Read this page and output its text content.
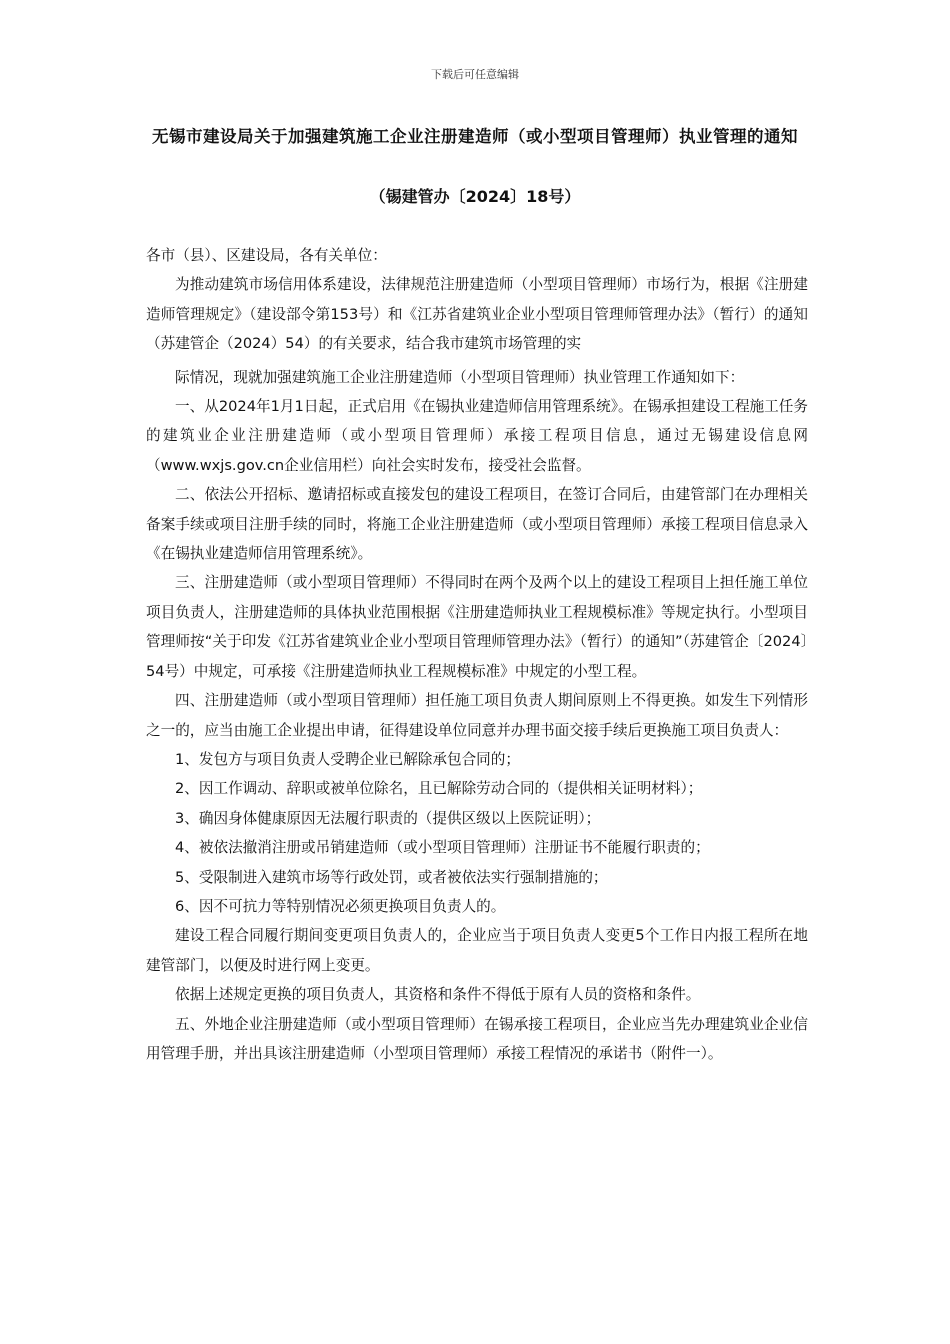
下载后可任意编辑
无锡市建设局关于加强建筑施工企业注册建造师（或小型项目管理师）执业管理的通知
（锡建管办〔2024〕18号）

各市（县）、区建设局，各有关单位：

为推动建筑市场信用体系建设，法律规范注册建造师（小型项目管理师）市场行为，根据《注册建造师管理规定》（建设部令第153号）和《江苏省建筑业企业小型项目管理师管理办法》（暂行）的通知（苏建管企（2024）54）的有关要求，结合我市建筑市场管理的实

际情况，现就加强建筑施工企业注册建造师（小型项目管理师）执业管理工作通知如下：

一、从2024年1月1日起，正式启用《在锡执业建造师信用管理系统》。在锡承担建设工程施工任务的建筑业企业注册建造师（或小型项目管理师）承接工程项目信息，通过无锡建设信息网（www.wxjs.gov.cn企业信用栏）向社会实时发布，接受社会监督。

二、依法公开招标、邀请招标或直接发包的建设工程项目，在签订合同后，由建管部门在办理相关备案手续或项目注册手续的同时，将施工企业注册建造师（或小型项目管理师）承接工程项目信息录入《在锡执业建造师信用管理系统》。

三、注册建造师（或小型项目管理师）不得同时在两个及两个以上的建设工程项目上担任施工单位项目负责人，注册建造师的具体执业范围根据《注册建造师执业工程规模标准》等规定执行。小型项目管理师按“关于印发《江苏省建筑业企业小型项目管理师管理办法》（暂行）的通知”（苏建管企〔2024〕54号）中规定，可承接《注册建造师执业工程规模标准》中规定的小型工程。

四、注册建造师（或小型项目管理师）担任施工项目负责人期间原则上不得更换。如发生下列情形之一的，应当由施工企业提出申请，征得建设单位同意并办理书面交接手续后更换施工项目负责人：

1、发包方与项目负责人受聘企业已解除承包合同的；

2、因工作调动、辞职或被单位除名，且已解除劳动合同的（提供相关证明材料）；

3、确因身体健康原因无法履行职责的（提供区级以上医院证明）；

4、被依法撤消注册或吊销建造师（或小型项目管理师）注册证书不能履行职责的；

5、受限制进入建筑市场等行政处罚，或者被依法实行强制措施的；

6、因不可抗力等特别情况必须更换项目负责人的。

建设工程合同履行期间变更项目负责人的，企业应当于项目负责人变更5个工作日内报工程所在地建管部门，以便及时进行网上变更。

依据上述规定更换的项目负责人，其资格和条件不得低于原有人员的资格和条件。

五、外地企业注册建造师（或小型项目管理师）在锡承接工程项目，企业应当先办理建筑业企业信用管理手册，并出具该注册建造师（小型项目管理师）承接工程情况的承诺书（附件一）。
